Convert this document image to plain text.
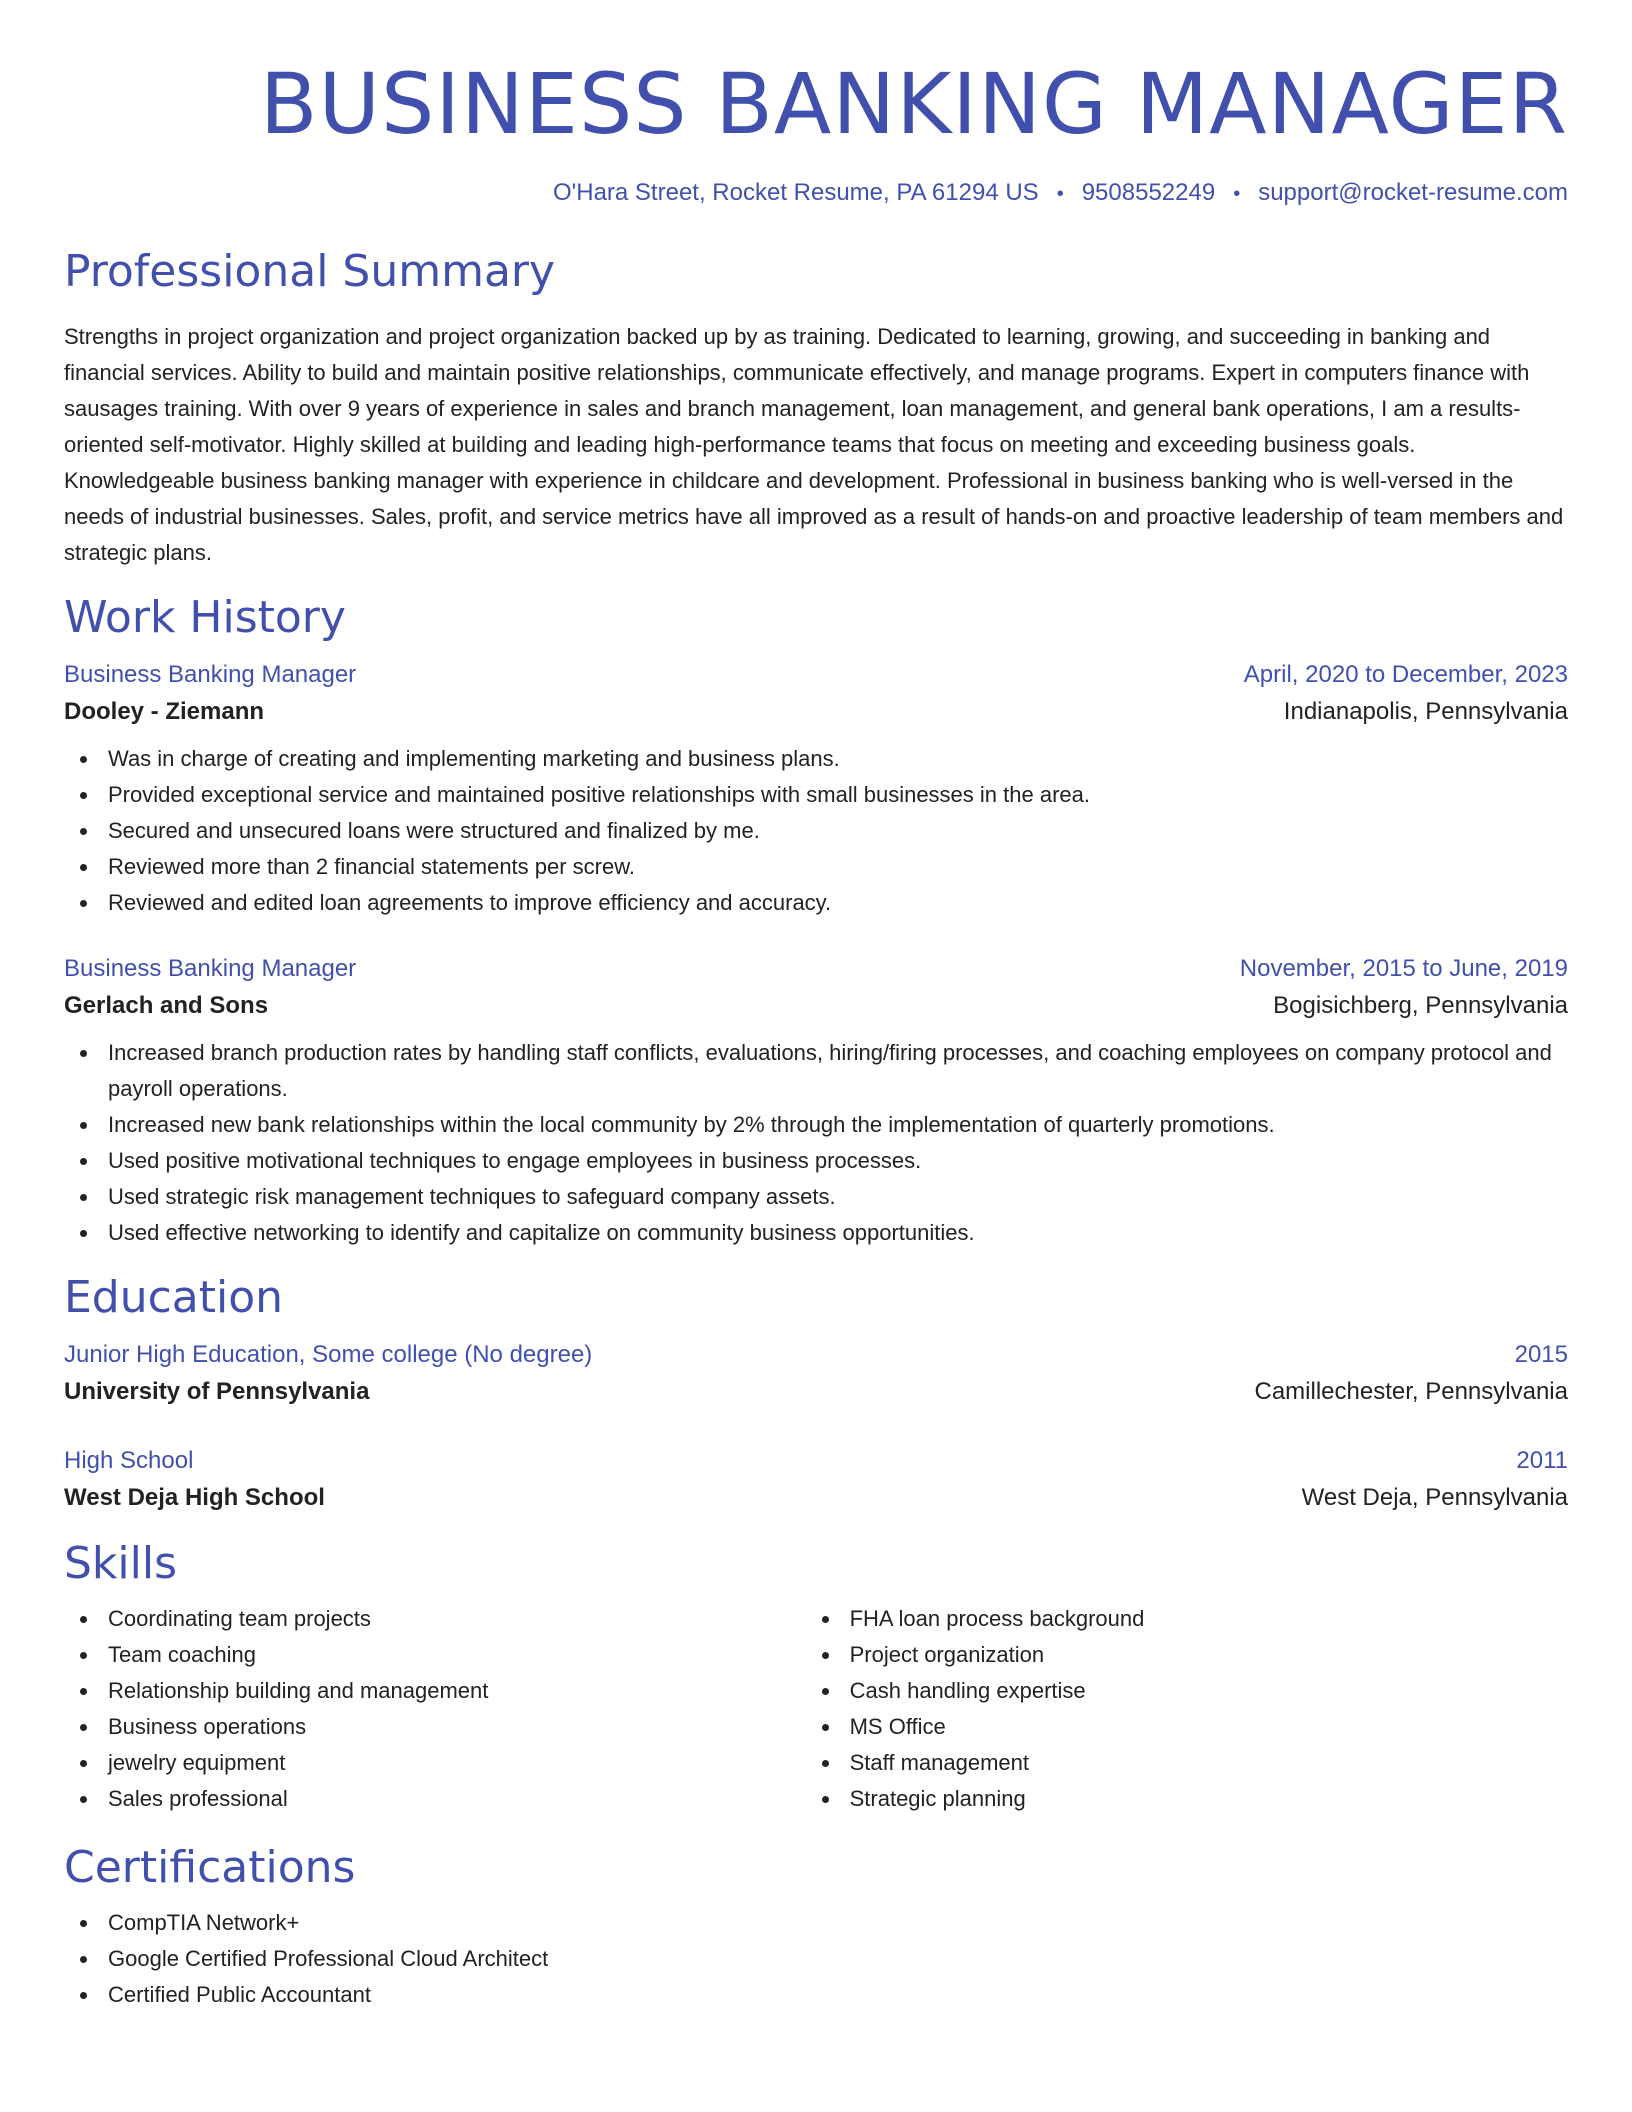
BUSINESS BANKING MANAGER
O'Hara Street, Rocket Resume, PA 61294 US • 9508552249 • support@rocket-resume.com
Professional Summary

Strengths in project organization and project organization backed up by as training. Dedicated to learning, growing, and succeeding in banking and financial services. Ability to build and maintain positive relationships, communicate effectively, and manage programs. Expert in computers finance with sausages training. With over 9 years of experience in sales and branch management, loan management, and general bank operations, I am a results-oriented self-motivator. Highly skilled at building and leading high-performance teams that focus on meeting and exceeding business goals. Knowledgeable business banking manager with experience in childcare and development. Professional in business banking who is well-versed in the needs of industrial businesses. Sales, profit, and service metrics have all improved as a result of hands-on and proactive leadership of team members and strategic plans.

Work History
Business Banking Manager	April, 2020 to December, 2023
Dooley - Ziemann	Indianapolis, Pennsylvania
Was in charge of creating and implementing marketing and business plans.
Provided exceptional service and maintained positive relationships with small businesses in the area.
Secured and unsecured loans were structured and finalized by me.
Reviewed more than 2 financial statements per screw.
Reviewed and edited loan agreements to improve efficiency and accuracy.
Business Banking Manager	November, 2015 to June, 2019
Gerlach and Sons	Bogisichberg, Pennsylvania
Increased branch production rates by handling staff conflicts, evaluations, hiring/firing processes, and coaching employees on company protocol and payroll operations.
Increased new bank relationships within the local community by 2% through the implementation of quarterly promotions.
Used positive motivational techniques to engage employees in business processes.
Used strategic risk management techniques to safeguard company assets.
Used effective networking to identify and capitalize on community business opportunities.
Education
Junior High Education, Some college (No degree)	2015
University of Pennsylvania	Camillechester, Pennsylvania
High School	2011
West Deja High School	West Deja, Pennsylvania
Skills
Coordinating team projects
Team coaching
Relationship building and management
Business operations
jewelry equipment
Sales professional
FHA loan process background
Project organization
Cash handling expertise
MS Office
Staff management
Strategic planning
Certifications
CompTIA Network+
Google Certified Professional Cloud Architect
Certified Public Accountant
